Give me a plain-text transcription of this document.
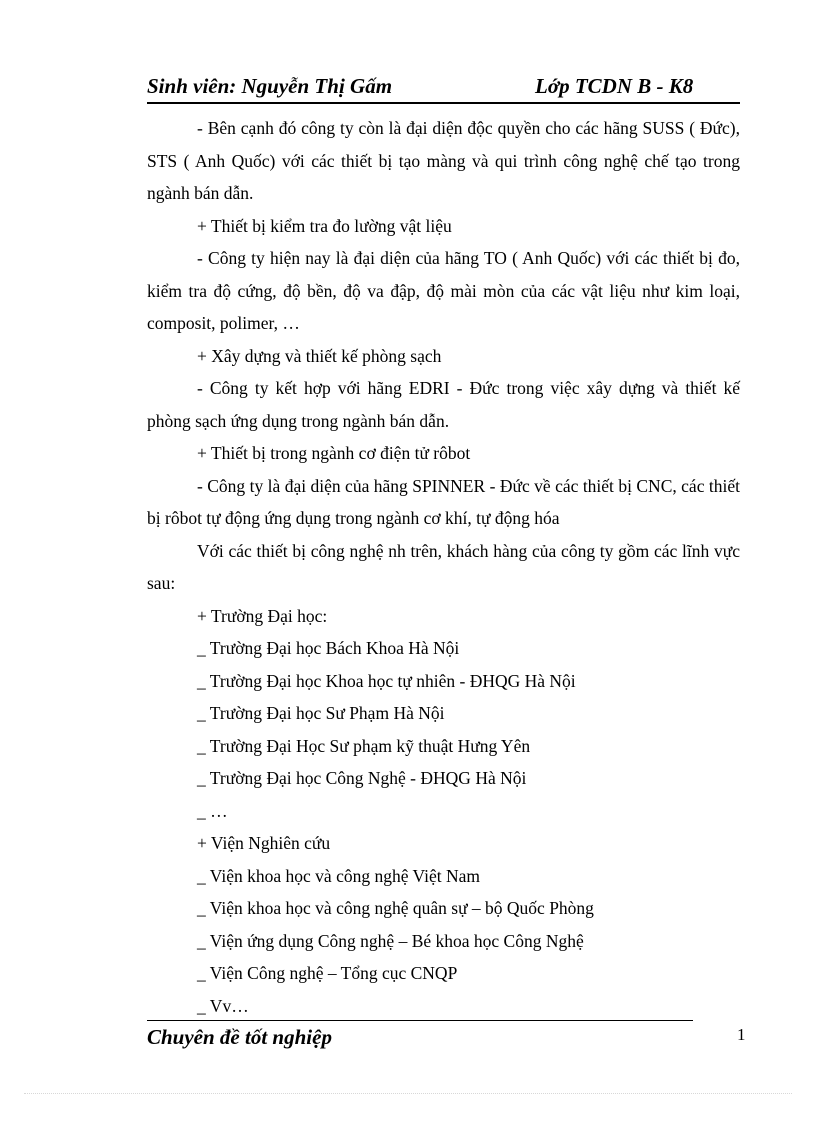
Sinh viên: Nguyễn Thị Gấm	Lớp TCDN B - K8

- Bên cạnh đó công ty còn là đại diện độc quyền cho các hãng SUSS ( Đức), STS ( Anh Quốc) với các thiết bị tạo màng và qui trình công nghệ chế tạo trong ngành bán dẫn.

+ Thiết bị kiểm tra đo lường vật liệu

- Công ty hiện nay là đại diện của hãng TO ( Anh Quốc) với các thiết bị đo, kiểm tra độ cứng, độ bền, độ va đập, độ mài mòn của các vật liệu như kim loại, composit, polimer, …

+ Xây dựng và thiết kế phòng sạch

- Công ty kết hợp với hãng EDRI - Đức trong việc xây dựng và thiết kế phòng sạch ứng dụng trong ngành bán dẫn.

+ Thiết bị trong ngành cơ điện tử rôbot

- Công ty là đại diện của hãng SPINNER - Đức về các thiết bị CNC, các thiết bị rôbot tự động ứng dụng trong ngành cơ khí, tự động hóa

Với các thiết bị công nghệ nh trên, khách hàng của công ty gồm các lĩnh vực sau:

+ Trường Đại học:

_ Trường Đại học Bách Khoa Hà Nội

_ Trường Đại học Khoa học tự nhiên - ĐHQG Hà Nội

_ Trường Đại học Sư Phạm Hà Nội

_ Trường Đại Học Sư phạm kỹ thuật Hưng Yên

_ Trường Đại học Công Nghệ - ĐHQG Hà Nội

_ …

+ Viện Nghiên cứu

_ Viện khoa học và công nghệ Việt Nam

_ Viện khoa học và công nghệ quân sự – bộ Quốc Phòng

_ Viện ứng dụng Công nghệ – Bé khoa học Công Nghệ

_ Viện Công nghệ – Tổng cục CNQP

_ Vv…

Chuyên đề tốt nghiệp	1
